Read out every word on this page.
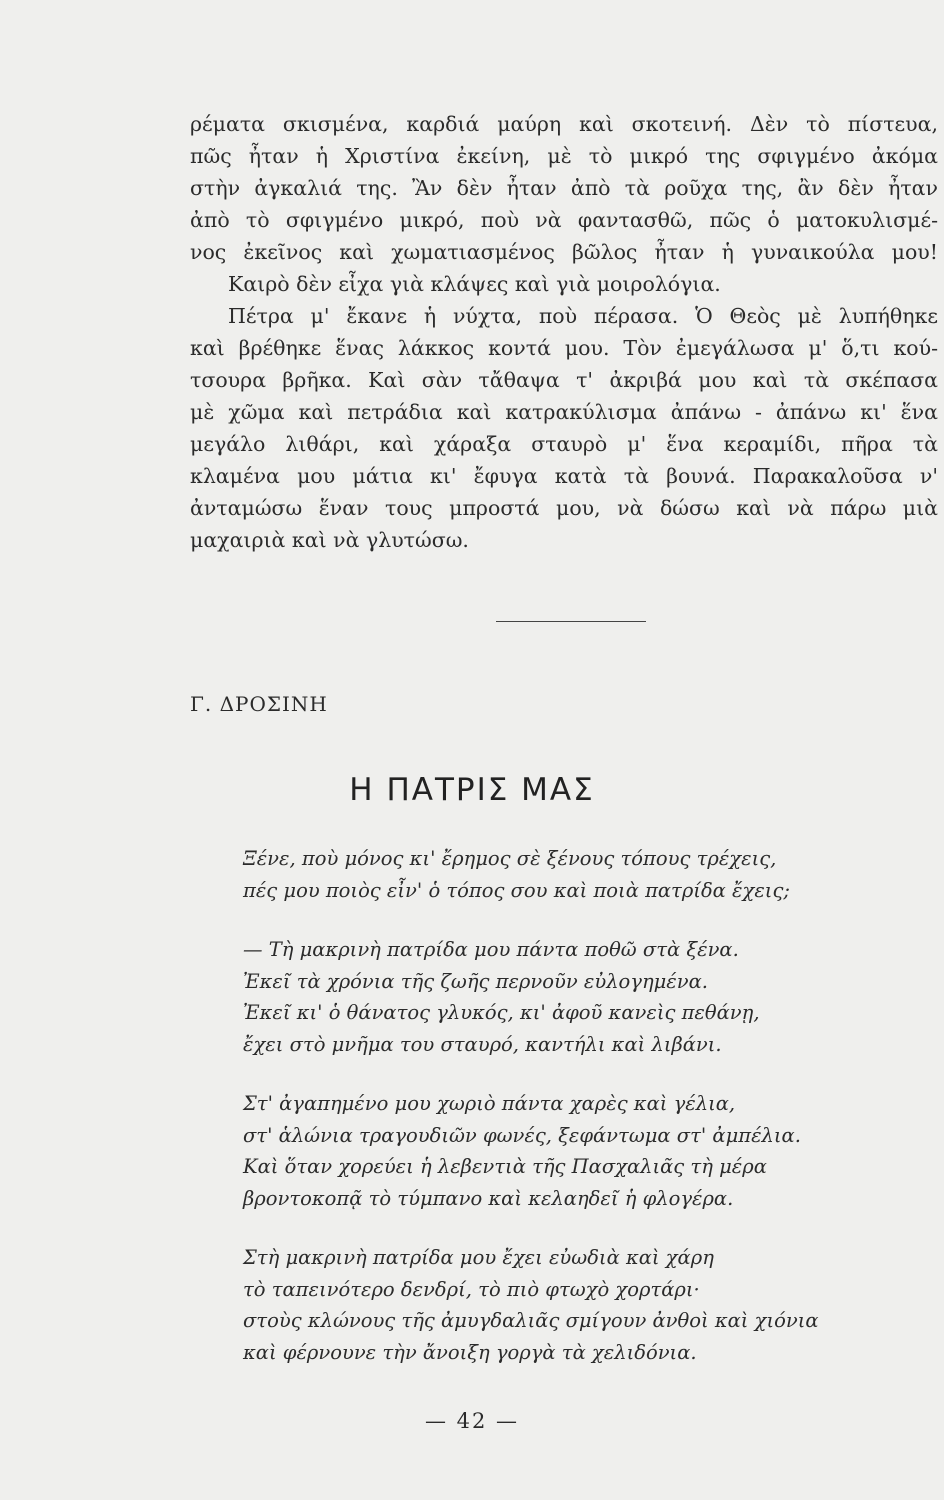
ρέματα σκισμένα, καρδιά μαύρη καὶ σκοτεινή. Δὲν τὸ πίστευα,
πῶς ἦταν ἡ Χριστίνα ἐκείνη, μὲ τὸ μικρό της σφιγμένο ἀκόμα
στὴν ἀγκαλιά της. Ἂν δὲν ἦταν ἀπὸ τὰ ροῦχα της, ἂν δὲν ἦταν
ἀπὸ τὸ σφιγμένο μικρό, ποὺ νὰ φαντασθῶ, πῶς ὁ ματοκυλισμέ-
νος ἐκεῖνος καὶ χωματιασμένος βῶλος ἦταν ἡ γυναικούλα μου!
Καιρὸ δὲν εἶχα γιὰ κλάψες καὶ γιὰ μοιρολόγια.
Πέτρα μ' ἔκανε ἡ νύχτα, ποὺ πέρασα. Ὁ Θεὸς μὲ λυπήθηκε
καὶ βρέθηκε ἕνας λάκκος κοντά μου. Τὸν ἐμεγάλωσα μ' ὅ,τι κού-
τσουρα βρῆκα. Καὶ σὰν τἄθαψα τ' ἀκριβά μου καὶ τὰ σκέπασα
μὲ χῶμα καὶ πετράδια καὶ κατρακύλισμα ἀπάνω - ἀπάνω κι' ἕνα
μεγάλο λιθάρι, καὶ χάραξα σταυρὸ μ' ἕνα κεραμίδι, πῆρα τὰ
κλαμένα μου μάτια κι' ἔφυγα κατὰ τὰ βουνά. Παρακαλοῦσα ν'
ἀνταμώσω ἕναν τους μπροστά μου, νὰ δώσω καὶ νὰ πάρω μιὰ
μαχαιριὰ καὶ νὰ γλυτώσω.
Γ. ΔΡΟΣΙΝΗ
Η ΠΑΤΡΙΣ ΜΑΣ
Ξένε, ποὺ μόνος κι' ἔρημος σὲ ξένους τόπους τρέχεις,
πές μου ποιὸς εἶν' ὁ τόπος σου καὶ ποιὰ πατρίδα ἔχεις;
— Τὴ μακρινὴ πατρίδα μου πάντα ποθῶ στὰ ξένα.
Ἐκεῖ τὰ χρόνια τῆς ζωῆς περνοῦν εὐλογημένα.
Ἐκεῖ κι' ὁ θάνατος γλυκός, κι' ἀφοῦ κανεὶς πεθάνῃ,
ἔχει στὸ μνῆμα του σταυρό, καντήλι καὶ λιβάνι.
Στ' ἀγαπημένο μου χωριὸ πάντα χαρὲς καὶ γέλια,
στ' ἁλώνια τραγουδιῶν φωνές, ξεφάντωμα στ' ἀμπέλια.
Καὶ ὅταν χορεύει ἡ λεβεντιὰ τῆς Πασχαλιᾶς τὴ μέρα
βροντοκοπᾷ τὸ τύμπανο καὶ κελαηδεῖ ἡ φλογέρα.
Στὴ μακρινὴ πατρίδα μου ἔχει εὐωδιὰ καὶ χάρη
τὸ ταπεινότερο δενδρί, τὸ πιὸ φτωχὸ χορτάρι·
στοὺς κλώνους τῆς ἀμυγδαλιᾶς σμίγουν ἀνθοὶ καὶ χιόνια
καὶ φέρνουνε τὴν ἄνοιξη γοργὰ τὰ χελιδόνια.
— 42 —
